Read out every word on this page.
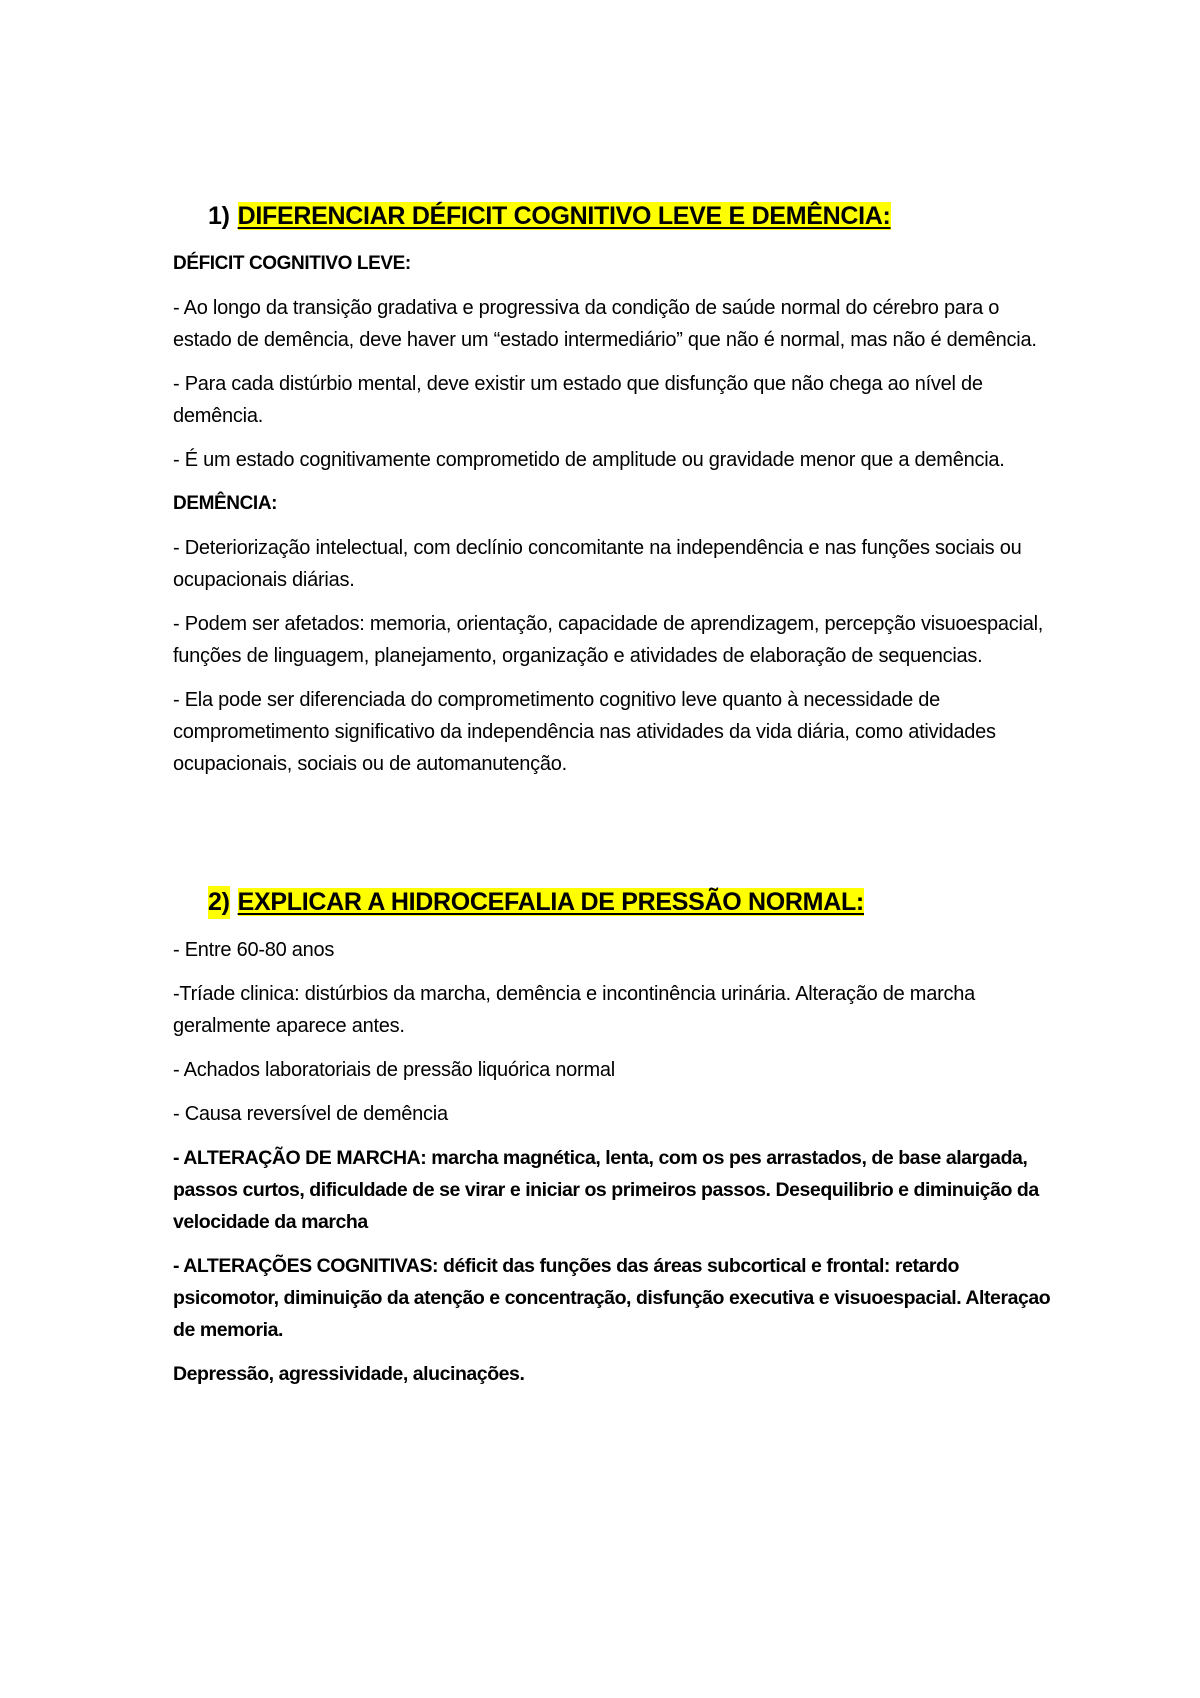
1) DIFERENCIAR DÉFICIT COGNITIVO LEVE E DEMÊNCIA:
DÉFICIT COGNITIVO LEVE:
- Ao longo da transição gradativa e progressiva da condição de saúde normal do cérebro para o estado de demência, deve haver um “estado intermediário” que não é normal, mas não é demência.
- Para cada distúrbio mental, deve existir um estado que disfunção que não chega ao nível de demência.
- É um estado cognitivamente comprometido de amplitude ou gravidade menor que a demência.
DEMÊNCIA:
- Deteriorização intelectual, com declínio concomitante na independência e nas funções sociais ou ocupacionais diárias.
- Podem ser afetados: memoria, orientação, capacidade de aprendizagem, percepção visuoespacial, funções de linguagem, planejamento, organização e atividades de elaboração de sequencias.
- Ela pode ser diferenciada do comprometimento cognitivo leve quanto à necessidade de comprometimento significativo da independência nas atividades da vida diária, como atividades ocupacionais, sociais ou de automanutenção.
2) EXPLICAR A HIDROCEFALIA DE PRESSÃO NORMAL:
- Entre 60-80 anos
-Tríade clinica: distúrbios da marcha, demência e incontinência urinária. Alteração de marcha geralmente aparece antes.
- Achados laboratoriais de pressão liquórica normal
- Causa reversível de demência
- ALTERAÇÃO DE MARCHA: marcha magnética, lenta, com os pes arrastados, de base alargada, passos curtos, dificuldade de se virar e iniciar os primeiros passos. Desequilibrio e diminuição da velocidade da marcha
- ALTERAÇÕES COGNITIVAS: déficit das funções das áreas subcortical e frontal: retardo psicomotor, diminuição da atenção e concentração, disfunção executiva e visuoespacial. Alteraçao de memoria.
Depressão, agressividade, alucinações.
